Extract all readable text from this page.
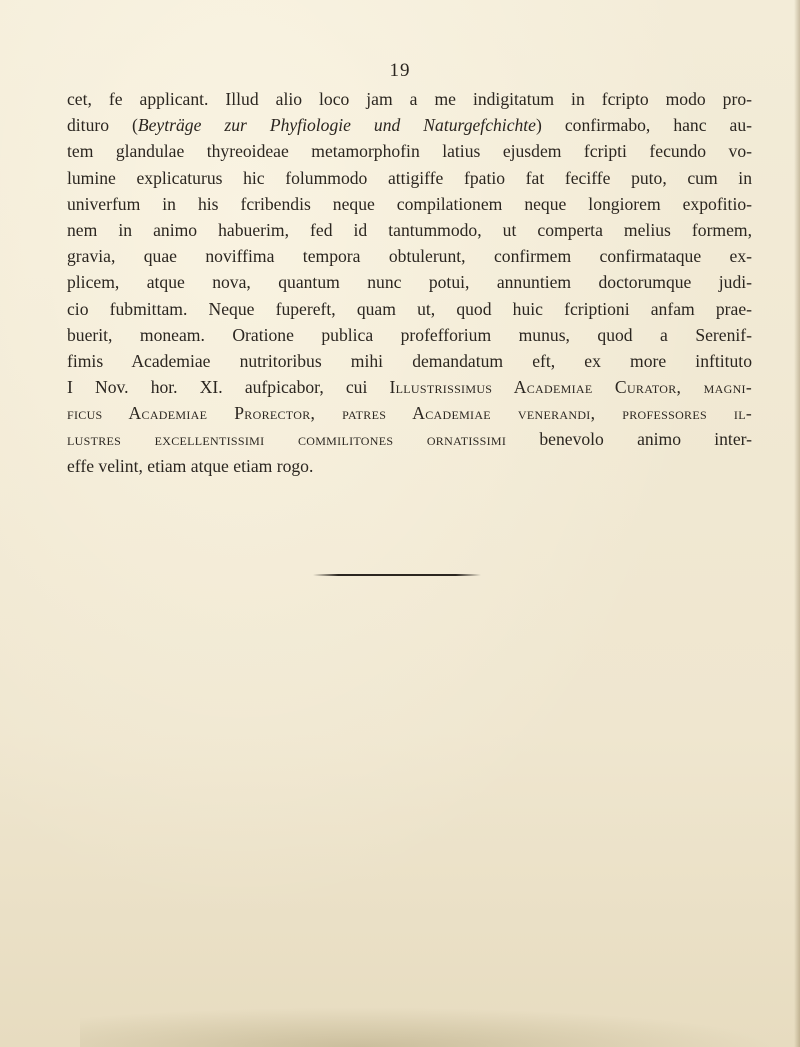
19
cet, fe applicant. Illud alio loco jam a me indigitatum in fcripto modo pro-
dituro (Beyträge zur Phyfiologie und Naturgefchichte) confirmabo, hanc au-
tem glandulae thyreoideae metamorphofin latius ejusdem fcripti fecundo vo-
lumine explicaturus hic folummodo attigiffe fpatio fat feciffe puto, cum in
univerfum in his fcribendis neque compilationem neque longiorem expofitio-
nem in animo habuerim, fed id tantummodo, ut comperta melius formem,
gravia, quae noviffima tempora obtulerunt, confirmem confirmataque ex-
plicem, atque nova, quantum nunc potui, annuntiem doctorumque judi-
cio fubmittam. Neque fupereft, quam ut, quod huic fcriptioni anfam prae-
buerit, moneam. Oratione publica profefforium munus, quod a Serenif-
fimis Academiae nutritoribus mihi demandatum eft, ex more inftituto
I Nov. hor. XI. aufpicabor, cui Illustrissimus Academiae Curator, magni-
ficus Academiae Prorector, patres Academiae venerandi, professores il-
lustres excellentissimi commilitones ornatissimi benevolo animo inter-
effe velint, etiam atque etiam rogo.
